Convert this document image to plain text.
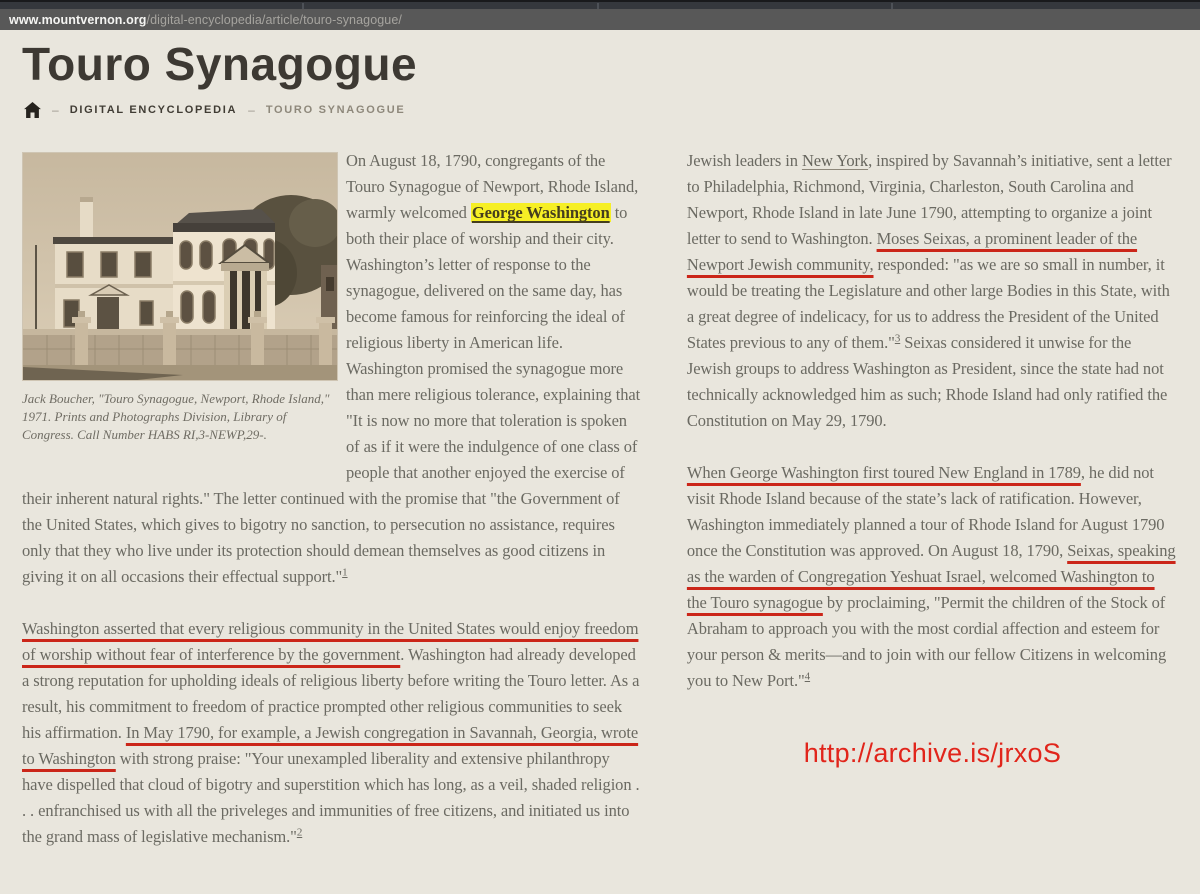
www.mountvernon.org /digital-encyclopedia/article/touro-synagogue/
Touro Synagogue
– DIGITAL ENCYCLOPEDIA – TOURO SYNAGOGUE
Jack Boucher, "Touro Synagogue, Newport, Rhode Island," 1971. Prints and Photographs Division, Library of Congress. Call Number HABS RI,3-NEWP,29-.

On August 18, 1790, congregants of the Touro Synagogue of Newport, Rhode Island, warmly welcomed George Washington to both their place of worship and their city. Washington’s letter of response to the synagogue, delivered on the same day, has become famous for reinforcing the ideal of religious liberty in American life. Washington promised the synagogue more than mere religious tolerance, explaining that "It is now no more that toleration is spoken of as if it were the indulgence of one class of people that another enjoyed the exercise of their inherent natural rights." The letter continued with the promise that "the Government of the United States, which gives to bigotry no sanction, to persecution no assistance, requires only that they who live under its protection should demean themselves as good citizens in giving it on all occasions their effectual support."$^1$

Washington asserted that every religious community in the United States would enjoy freedom of worship without fear of interference by the government. Washington had already developed a strong reputation for upholding ideals of religious liberty before writing the Touro letter. As a result, his commitment to freedom of practice prompted other religious communities to seek his affirmation. In May 1790, for example, a Jewish congregation in Savannah, Georgia, wrote to Washington with strong praise: "Your unexampled liberality and extensive philanthropy have dispelled that cloud of bigotry and superstition which has long, as a veil, shaded religion . . . enfranchised us with all the priveleges and immunities of free citizens, and initiated us into the grand mass of legislative mechanism."$^2$

Jewish leaders in New York, inspired by Savannah’s initiative, sent a letter to Philadelphia, Richmond, Virginia, Charleston, South Carolina and Newport, Rhode Island in late June 1790, attempting to organize a joint letter to send to Washington. Moses Seixas, a prominent leader of the Newport Jewish community, responded: "as we are so small in number, it would be treating the Legislature and other large Bodies in this State, with a great degree of indelicacy, for us to address the President of the United States previous to any of them."$^3$ Seixas considered it unwise for the Jewish groups to address Washington as President, since the state had not technically acknowledged him as such; Rhode Island had only ratified the Constitution on May 29, 1790.

When George Washington first toured New England in 1789, he did not visit Rhode Island because of the state’s lack of ratification. However, Washington immediately planned a tour of Rhode Island for August 1790 once the Constitution was approved. On August 18, 1790, Seixas, speaking as the warden of Congregation Yeshuat Israel, welcomed Washington to the Touro synagogue by proclaiming, "Permit the children of the Stock of Abraham to approach you with the most cordial affection and esteem for your person & merits—and to join with our fellow Citizens in welcoming you to New Port."$^4$

http://archive.is/jrxoS
